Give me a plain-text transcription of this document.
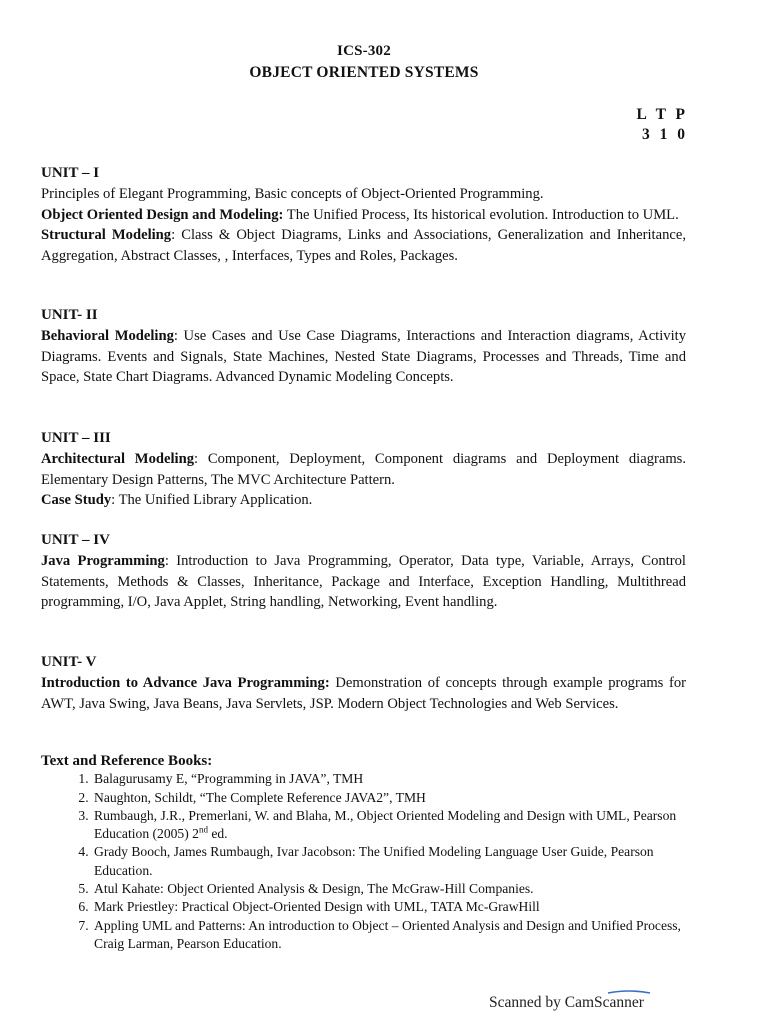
ICS-302
OBJECT ORIENTED SYSTEMS
L T P
3 1 0
UNIT – I

Principles of Elegant Programming, Basic concepts of Object-Oriented Programming.

Object Oriented Design and Modeling: The Unified Process, Its historical evolution. Introduction to UML.

Structural Modeling: Class & Object Diagrams, Links and Associations, Generalization and Inheritance, Aggregation, Abstract Classes, , Interfaces, Types and Roles, Packages.

UNIT- II

Behavioral Modeling: Use Cases and Use Case Diagrams, Interactions and Interaction diagrams, Activity Diagrams. Events and Signals, State Machines, Nested State Diagrams, Processes and Threads, Time and Space, State Chart Diagrams. Advanced Dynamic Modeling Concepts.

UNIT – III

Architectural Modeling: Component, Deployment, Component diagrams and Deployment diagrams. Elementary Design Patterns, The MVC Architecture Pattern.

Case Study: The Unified Library Application.

UNIT – IV

Java Programming: Introduction to Java Programming, Operator, Data type, Variable, Arrays, Control Statements, Methods & Classes, Inheritance, Package and Interface, Exception Handling, Multithread programming, I/O, Java Applet, String handling, Networking, Event handling.

UNIT- V

Introduction to Advance Java Programming: Demonstration of concepts through example programs for AWT, Java Swing, Java Beans, Java Servlets, JSP. Modern Object Technologies and Web Services.

Text and Reference Books:
1. Balagurusamy E, “Programming in JAVA”, TMH
2. Naughton, Schildt, “The Complete Reference JAVA2”, TMH
3. Rumbaugh, J.R., Premerlani, W. and Blaha, M., Object Oriented Modeling and Design with UML, Pearson Education (2005) 2nd ed.
4. Grady Booch, James Rumbaugh, Ivar Jacobson: The Unified Modeling Language User Guide, Pearson Education.
5. Atul Kahate: Object Oriented Analysis & Design, The McGraw-Hill Companies.
6. Mark Priestley: Practical Object-Oriented Design with UML, TATA Mc-GrawHill
7. Appling UML and Patterns: An introduction to Object – Oriented Analysis and Design and Unified Process, Craig Larman, Pearson Education.
Scanned by CamScanner
